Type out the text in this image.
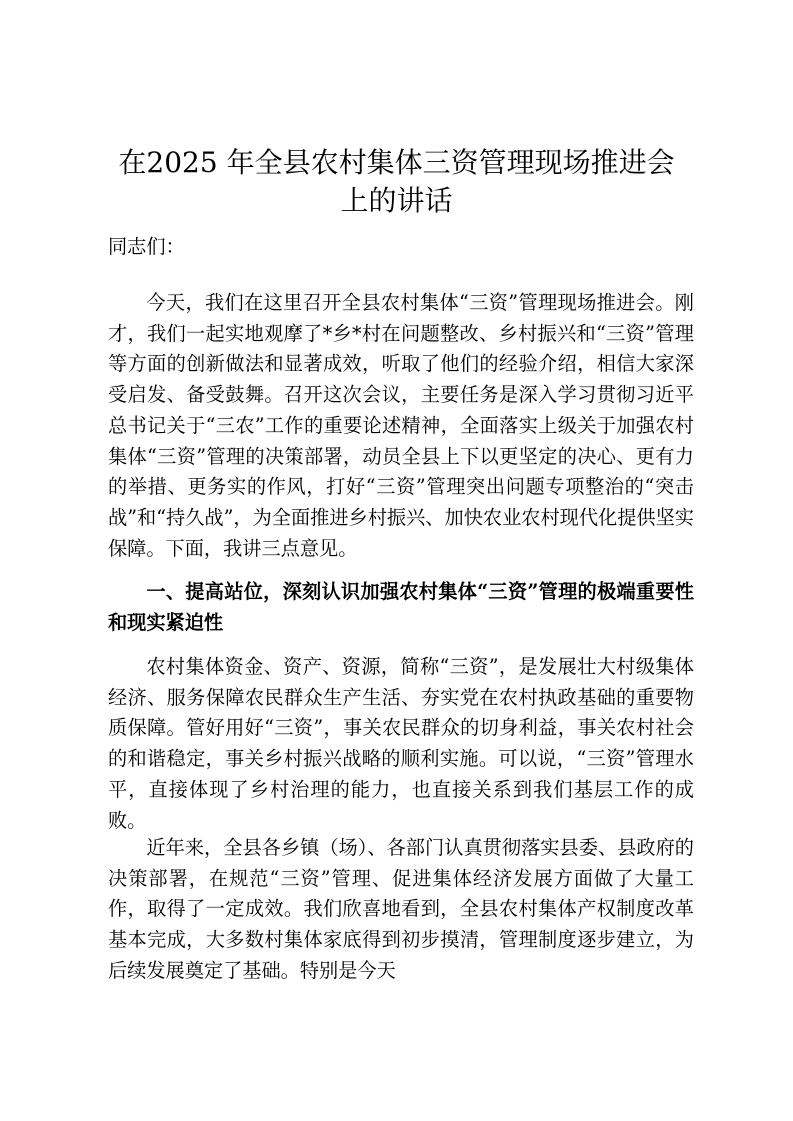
在2025 年全县农村集体三资管理现场推进会
上的讲话

同志们：

今天，我们在这里召开全县农村集体“三资”管理现场推进会。刚才，我们一起实地观摩了*乡*村在问题整改、乡村振兴和“三资”管理等方面的创新做法和显著成效，听取了他们的经验介绍，相信大家深受启发、备受鼓舞。召开这次会议，主要任务是深入学习贯彻习近平总书记关于“三农”工作的重要论述精神，全面落实上级关于加强农村集体“三资”管理的决策部署，动员全县上下以更坚定的决心、更有力的举措、更务实的作风，打好“三资”管理突出问题专项整治的“突击战”和“持久战”，为全面推进乡村振兴、加快农业农村现代化提供坚实保障。下面，我讲三点意见。

一、提高站位，深刻认识加强农村集体“三资”管理的极端重要性和现实紧迫性

农村集体资金、资产、资源，简称“三资”，是发展壮大村级集体经济、服务保障农民群众生产生活、夯实党在农村执政基础的重要物质保障。管好用好“三资”，事关农民群众的切身利益，事关农村社会的和谐稳定，事关乡村振兴战略的顺利实施。可以说，“三资”管理水平，直接体现了乡村治理的能力，也直接关系到我们基层工作的成败。

近年来，全县各乡镇（场）、各部门认真贯彻落实县委、县政府的决策部署，在规范“三资”管理、促进集体经济发展方面做了大量工作，取得了一定成效。我们欣喜地看到，全县农村集体产权制度改革基本完成，大多数村集体家底得到初步摸清，管理制度逐步建立，为后续发展奠定了基础。特别是今天
